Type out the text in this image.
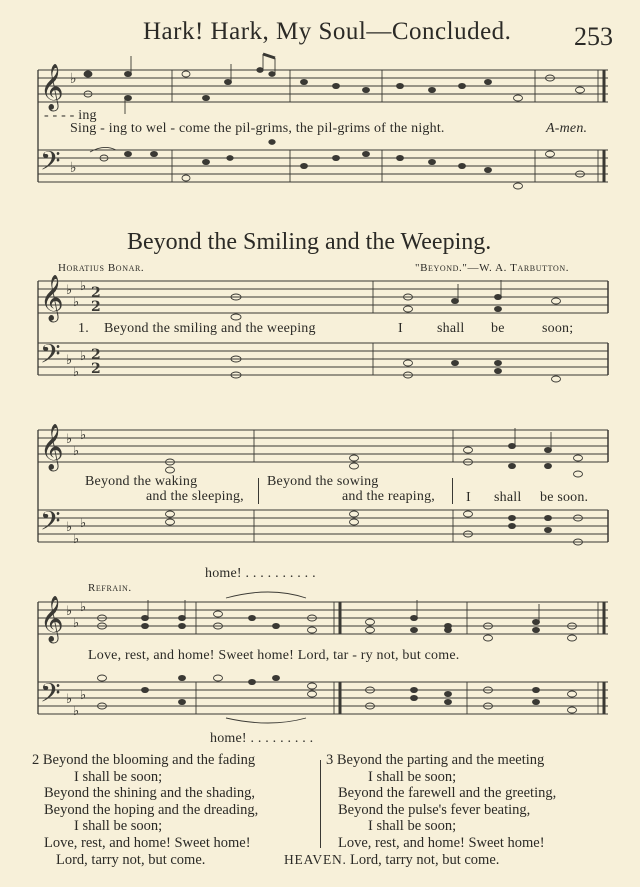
Hark! Hark, My Soul—Concluded. 253
𝄞
𝄢
♭
♭
𝄞
𝄢
♭
♭
♭
♭
♭
♭
2
2
2
2
𝄞
𝄢
♭
♭
♭
♭
♭
♭
𝄞
𝄢
♭
♭
♭
♭
♭
♭
- - - - ing
Sing - ing to wel - come the pil-grims, the pil-grims of the night.	A-men.
Beyond the Smiling and the Weeping.
Horatius Bonar.	"Beyond."—W. A. Tarbutton.
1. Beyond the smiling and the weeping	I shall be	soon;
Beyond the waking
and the sleeping,
Beyond the sowing
and the reaping, I shall be soon.
home! . . . . . . . . . .
Refrain.
Love, rest, and home! Sweet home! Lord, tar - ry not, but come.
home! . . . . . . . . .
2 Beyond the blooming and the fading
I shall be soon;
Beyond the shining and the shading,
Beyond the hoping and the dreading,
I shall be soon;
Love, rest, and home! Sweet home!
Lord, tarry not, but come.
3 Beyond the parting and the meeting
I shall be soon;
Beyond the farewell and the greeting,
Beyond the pulse's fever beating,
I shall be soon;
Love, rest, and home! Sweet home!
Lord, tarry not, but come.
HEAVEN.
